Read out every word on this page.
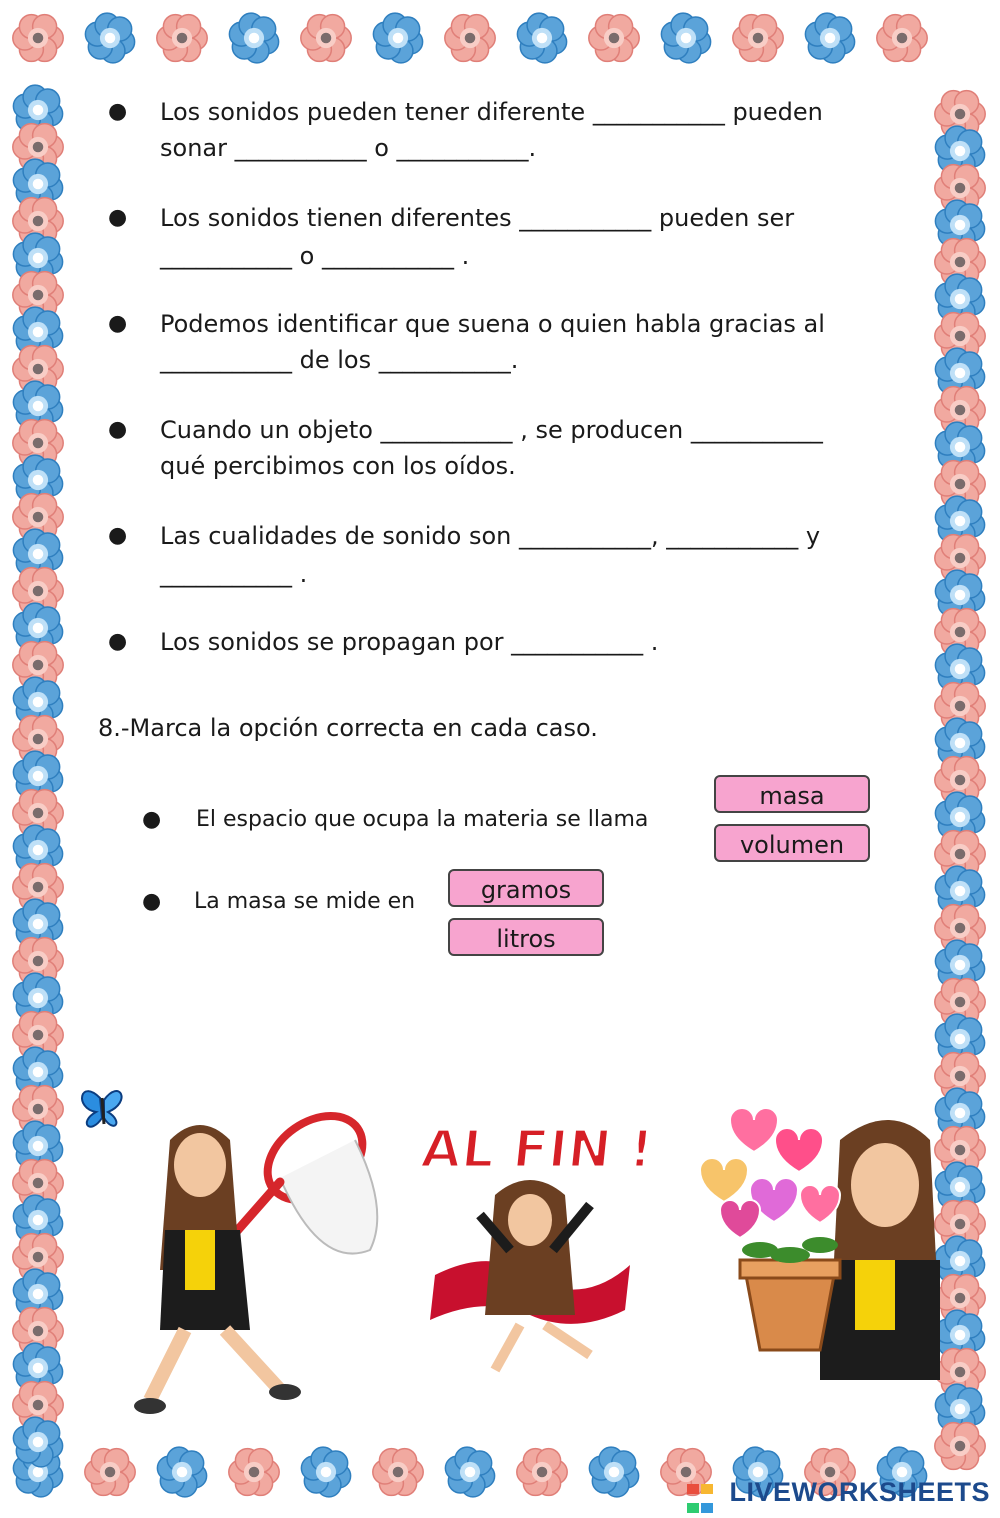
● Los sonidos pueden tener diferente ___________ pueden
sonar ___________ o ___________.
● Los sonidos tienen diferentes ___________ pueden ser
___________ o ___________ .
● Podemos identificar que suena o quien habla gracias al
___________ de los ___________.
● Cuando un objeto ___________ , se producen ___________
qué percibimos con los oídos.
● Las cualidades de sonido son ___________, ___________ y
___________ .
● Los sonidos se propagan por ___________ .
8.-Marca la opción correcta en cada caso.
● El espacio que ocupa la materia se llama
masa
volumen
● La masa se mide en	gramos
litros
AL FIN !
LIVEWORKSHEETS
